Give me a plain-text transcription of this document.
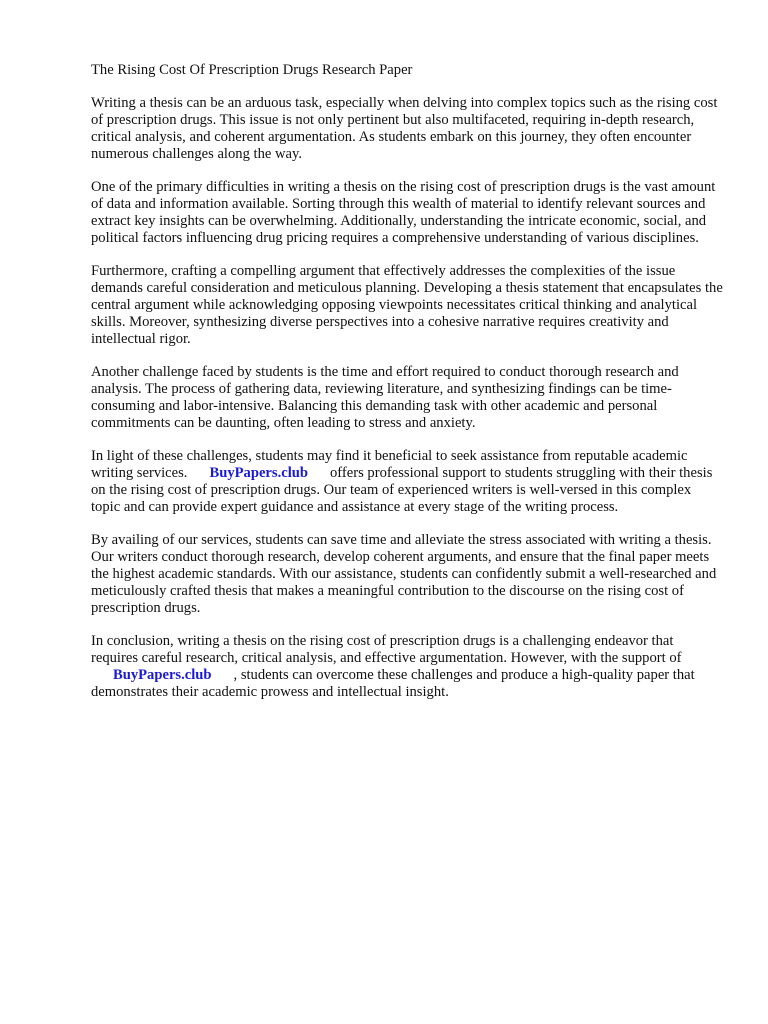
The Rising Cost Of Prescription Drugs Research Paper

Writing a thesis can be an arduous task, especially when delving into complex topics such as the rising cost of prescription drugs. This issue is not only pertinent but also multifaceted, requiring in-depth research, critical analysis, and coherent argumentation. As students embark on this journey, they often encounter numerous challenges along the way.

One of the primary difficulties in writing a thesis on the rising cost of prescription drugs is the vast amount of data and information available. Sorting through this wealth of material to identify relevant sources and extract key insights can be overwhelming. Additionally, understanding the intricate economic, social, and political factors influencing drug pricing requires a comprehensive understanding of various disciplines.

Furthermore, crafting a compelling argument that effectively addresses the complexities of the issue demands careful consideration and meticulous planning. Developing a thesis statement that encapsulates the central argument while acknowledging opposing viewpoints necessitates critical thinking and analytical skills. Moreover, synthesizing diverse perspectives into a cohesive narrative requires creativity and intellectual rigor.

Another challenge faced by students is the time and effort required to conduct thorough research and analysis. The process of gathering data, reviewing literature, and synthesizing findings can be time-consuming and labor-intensive. Balancing this demanding task with other academic and personal commitments can be daunting, often leading to stress and anxiety.

In light of these challenges, students may find it beneficial to seek assistance from reputable academic writing services. BuyPapers.club offers professional support to students struggling with their thesis on the rising cost of prescription drugs. Our team of experienced writers is well-versed in this complex topic and can provide expert guidance and assistance at every stage of the writing process.

By availing of our services, students can save time and alleviate the stress associated with writing a thesis. Our writers conduct thorough research, develop coherent arguments, and ensure that the final paper meets the highest academic standards. With our assistance, students can confidently submit a well-researched and meticulously crafted thesis that makes a meaningful contribution to the discourse on the rising cost of prescription drugs.

In conclusion, writing a thesis on the rising cost of prescription drugs is a challenging endeavor that requires careful research, critical analysis, and effective argumentation. However, with the support of
BuyPapers.club , students can overcome these challenges and produce a high-quality paper that demonstrates their academic prowess and intellectual insight.
